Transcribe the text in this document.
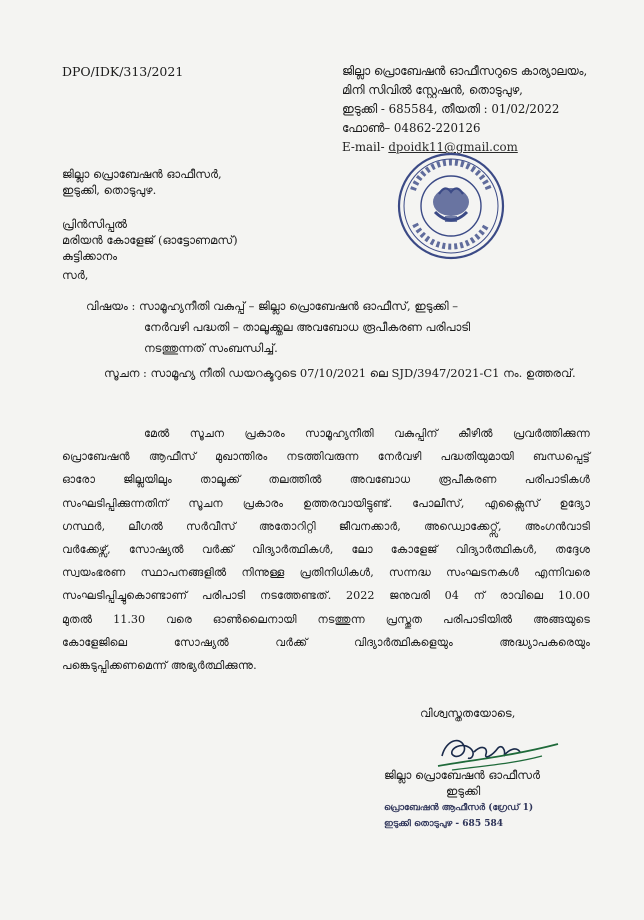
DPO/IDK/313/2021	ജില്ലാ പ്രൊബേഷൻ ഓഫീസറുടെ കാര്യാലയം,
മിനി സിവിൽ സ്റ്റേഷൻ, തൊടുപുഴ,
ഇടുക്കി - 685584, തീയതി : 01/02/2022
ഫോൺ– 04862-220126
E-mail- dpoidk11@gmail.com
ജില്ലാ പ്രൊബേഷൻ ഓഫീസർ,
ഇടുക്കി, തൊടുപുഴ.
പ്രിൻസിപ്പൽ
മരിയൻ കോളേജ് (ഓട്ടോണമസ്)
കുട്ടിക്കാനം
സർ,
വിഷയം : സാമൂഹ്യനീതി വകുപ്പ് – ജില്ലാ പ്രൊബേഷൻ ഓഫീസ്, ഇടുക്കി –
നേർവഴി പദ്ധതി – താലൂക്ക്തല അവബോധ രൂപീകരണ പരിപാടി
നടത്തുന്നത് സംബന്ധിച്ച്.
സൂചന : സാമൂഹ്യ നീതി ഡയറക്ടറുടെ 07/10/2021 ലെ SJD/3947/2021-C1 നം. ഉത്തരവ്.

മേൽ സൂചന പ്രകാരം സാമൂഹ്യനീതി വകുപ്പിന് കീഴിൽ പ്രവർത്തിക്കുന്ന

പ്രൊബേഷൻ ആഫീസ് മുഖാന്തിരം നടത്തിവരുന്ന നേർവഴി പദ്ധതിയുമായി ബന്ധപ്പെട്ട്

ഓരോ ജില്ലയിലും താലൂക്ക് തലത്തിൽ അവബോധ രൂപീകരണ പരിപാടികൾ

സംഘടിപ്പിക്കുന്നതിന് സൂചന പ്രകാരം ഉത്തരവായിട്ടുണ്ട്. പോലീസ്, എക്സൈസ് ഉദ്യോ

ഗസ്ഥർ, ലീഗൽ സർവീസ് അതോറിറ്റി ജീവനക്കാർ, അഡ്വൊക്കേറ്റ്സ്, അംഗൻവാടി

വർക്കേഴ്സ്, സോഷ്യൽ വർക്ക് വിദ്യാർത്ഥികൾ, ലോ കോളേജ് വിദ്യാർത്ഥികൾ, തദ്ദേശ

സ്വയംഭരണ സ്ഥാപനങ്ങളിൽ നിന്നുള്ള പ്രതിനിധികൾ, സന്നദ്ധ സംഘടനകൾ എന്നിവരെ

സംഘടിപ്പിച്ചുകൊണ്ടാണ് പരിപാടി നടത്തേണ്ടത്. 2022 ജനുവരി 04 ന് രാവിലെ 10.00

മുതൽ 11.30 വരെ ഓൺലൈനായി നടത്തുന്ന പ്രസ്തുത പരിപാടിയിൽ അങ്ങയുടെ

കോളേജിലെ സോഷ്യൽ വർക്ക് വിദ്യാർത്ഥികളെയും അദ്ധ്യാപകരെയും

പങ്കെടുപ്പിക്കണമെന്ന് അഭ്യർത്ഥിക്കുന്നു.

വിശ്വസ്തതയോടെ,
ജില്ലാ പ്രൊബേഷൻ ഓഫീസർ
ഇടുക്കി
പ്രൊബേഷൻ ആഫീസർ (ഗ്രേഡ് 1)
ഇടുക്കി തൊടുപുഴ - 685 584
